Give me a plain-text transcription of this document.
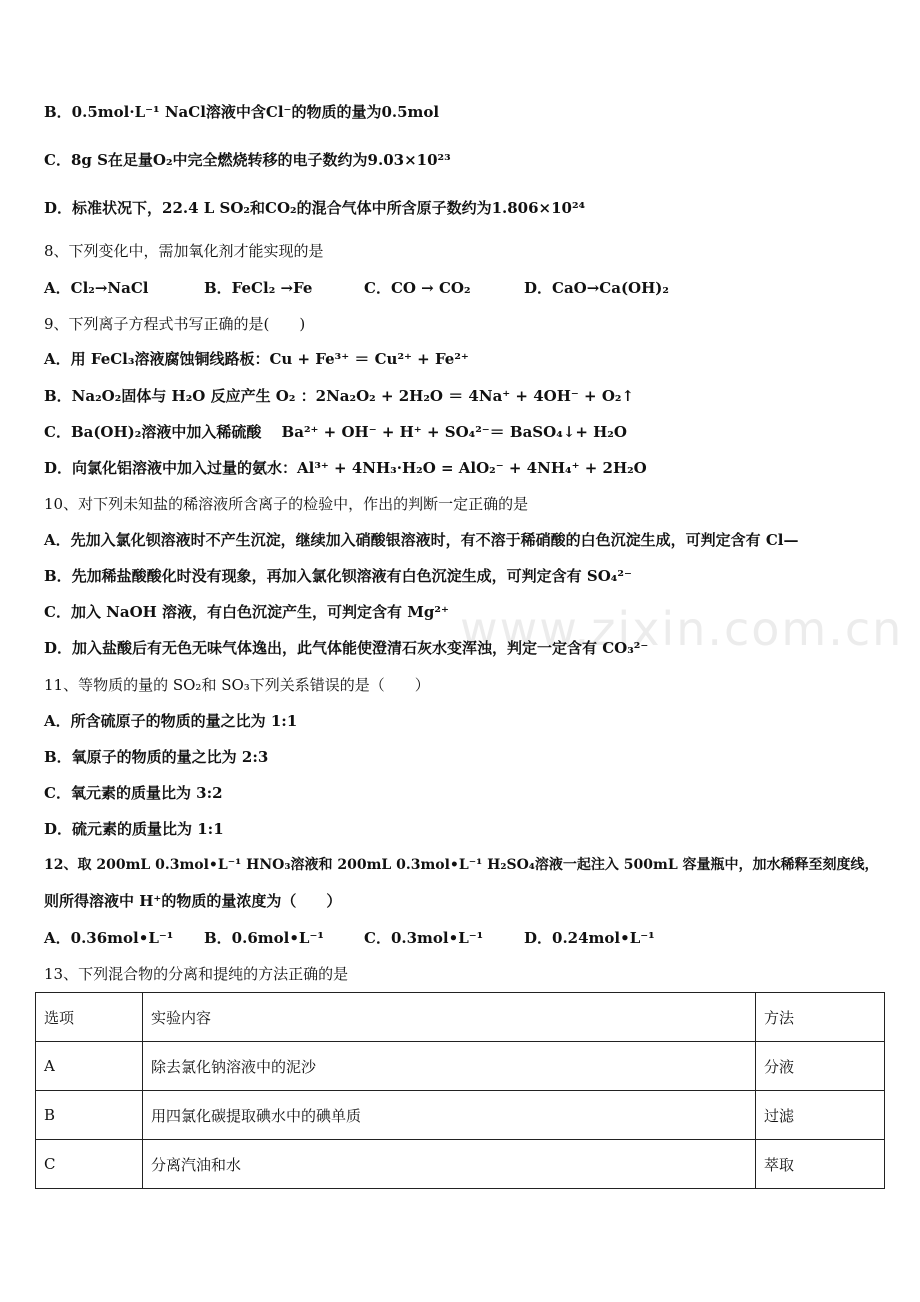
www.zixin.com.cn
B．0.5mol·L⁻¹ NaCl溶液中含Cl⁻的物质的量为0.5mol
C．8g S在足量O₂中完全燃烧转移的电子数约为9.03×10²³
D．标准状况下，22.4 L SO₂和CO₂的混合气体中所含原子数约为1.806×10²⁴
8、下列变化中，需加氧化剂才能实现的是
A．Cl₂→NaCl	B．FeCl₂ →Fe	C．CO → CO₂	D．CaO→Ca(OH)₂
9、下列离子方程式书写正确的是(　　)
A．用 FeCl₃溶液腐蚀铜线路板：Cu + Fe³⁺ ＝ Cu²⁺ + Fe²⁺
B．Na₂O₂固体与 H₂O 反应产生 O₂ ：2Na₂O₂ + 2H₂O ＝ 4Na⁺ + 4OH⁻ + O₂↑
C．Ba(OH)₂溶液中加入稀硫酸　 Ba²⁺ + OH⁻ + H⁺ + SO₄²⁻＝ BaSO₄↓+ H₂O
D．向氯化铝溶液中加入过量的氨水：Al³⁺ + 4NH₃·H₂O = AlO₂⁻ + 4NH₄⁺ + 2H₂O
10、对下列未知盐的稀溶液所含离子的检验中，作出的判断一定正确的是
A．先加入氯化钡溶液时不产生沉淀，继续加入硝酸银溶液时，有不溶于稀硝酸的白色沉淀生成，可判定含有 Cl—
B．先加稀盐酸酸化时没有现象，再加入氯化钡溶液有白色沉淀生成，可判定含有 SO₄²⁻
C．加入 NaOH 溶液，有白色沉淀产生，可判定含有 Mg²⁺
D．加入盐酸后有无色无味气体逸出，此气体能使澄清石灰水变浑浊，判定一定含有 CO₃²⁻
11、等物质的量的 SO₂和 SO₃下列关系错误的是（　　）
A．所含硫原子的物质的量之比为 1:1
B．氧原子的物质的量之比为 2:3
C．氧元素的质量比为 3:2
D．硫元素的质量比为 1:1
12、取 200mL 0.3mol•L⁻¹ HNO₃溶液和 200mL 0.3mol•L⁻¹ H₂SO₄溶液一起注入 500mL 容量瓶中，加水稀释至刻度线，
则所得溶液中 H⁺的物质的量浓度为（　　）
A．0.36mol•L⁻¹ B．0.6mol•L⁻¹	C．0.3mol•L⁻¹	D．0.24mol•L⁻¹
13、下列混合物的分离和提纯的方法正确的是
选项	实验内容	方法
A	除去氯化钠溶液中的泥沙	分液
B	用四氯化碳提取碘水中的碘单质	过滤
C	分离汽油和水	萃取
